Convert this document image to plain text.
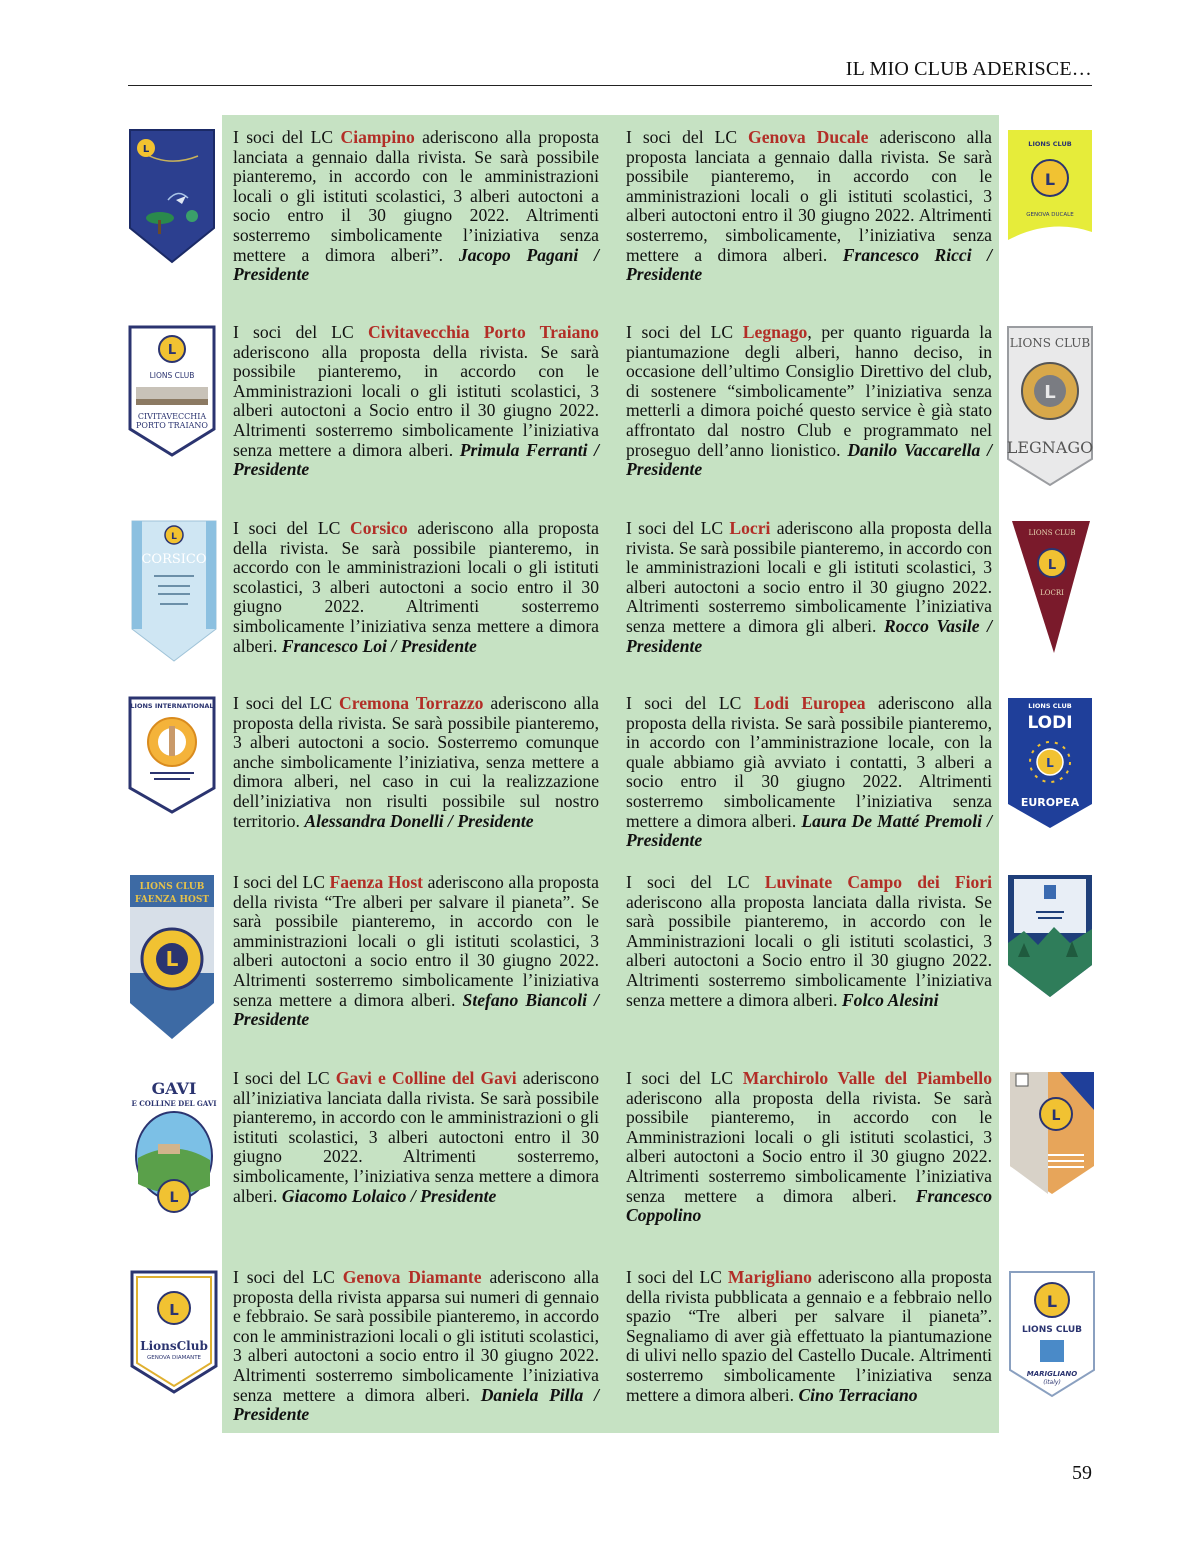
IL MIO CLUB ADERISCE…
I soci del LC Ciampino aderiscono alla proposta lanciata a gennaio dalla rivista. Se sarà possibile pianteremo, in accordo con le amministrazioni locali o gli istituti scolastici, 3 alberi autoctoni a socio entro il 30 giugno 2022. Altrimenti sosterremo simbolicamente l’iniziativa senza mettere a dimora alberi”. Jacopo Pagani / Presidente
I soci del LC Genova Ducale aderiscono alla proposta lanciata a gennaio dalla rivista. Se sarà possibile pianteremo, in accordo con le amministrazioni locali o gli istituti scolastici, 3 alberi autoctoni entro il 30 giugno 2022. Altrimenti sosterremo, simbolicamente, l’iniziativa senza mettere a dimora alberi. Francesco Ricci / Presidente
I soci del LC Civitavecchia Porto Traiano aderiscono alla proposta della rivista. Se sarà possibile pianteremo, in accordo con le Amministrazioni locali o gli istituti scolastici, 3 alberi autoctoni a Socio entro il 30 giugno 2022. Altrimenti sosterremo simbolicamente l’iniziativa senza mettere a dimora alberi. Primula Ferranti / Presidente
I soci del LC Legnago, per quanto riguarda la piantumazione degli alberi, hanno deciso, in occasione dell’ultimo Consiglio Direttivo del club, di sostenere “simbolicamente” l’iniziativa senza metterli a dimora poiché questo service è già stato affrontato dal nostro Club e programmato nel proseguo dell’anno lionistico. Danilo Vaccarella / Presidente
I soci del LC Corsico aderiscono alla proposta della rivista. Se sarà possibile pianteremo, in accordo con le amministrazioni locali o gli istituti scolastici, 3 alberi autoctoni a socio entro il 30 giugno 2022. Altrimenti sosterremo simbolicamente l’iniziativa senza mettere a dimora alberi. Francesco Loi / Presidente
I soci del LC Locri aderiscono alla proposta della rivista. Se sarà possibile pianteremo, in accordo con le amministrazioni locali e gli istituti scolastici, 3 alberi autoctoni a socio entro il 30 giugno 2022. Altrimenti sosterremo simbolicamente l’iniziativa senza mettere a dimora gli alberi. Rocco Vasile / Presidente
I soci del LC Cremona Torrazzo aderiscono alla proposta della rivista. Se sarà possibile pianteremo, 3 alberi autoctoni a socio. Sosterremo comunque anche simbolicamente l’iniziativa, senza mettere a dimora alberi, nel caso in cui la realizzazione dell’iniziativa non risulti possibile sul nostro territorio. Alessandra Donelli / Presidente
I soci del LC Lodi Europea aderiscono alla proposta della rivista. Se sarà possibile pianteremo, in accordo con l’amministrazione locale, con la quale abbiamo già avviato i contatti, 3 alberi a socio entro il 30 giugno 2022. Altrimenti sosterremo simbolicamente l’iniziativa senza mettere a dimora alberi. Laura De Matté Premoli / Presidente
I soci del LC Faenza Host aderiscono alla proposta della rivista “Tre alberi per salvare il pianeta”. Se sarà possibile pianteremo, in accordo con le amministrazioni locali o gli istituti scolastici, 3 alberi autoctoni a socio entro il 30 giugno 2022. Altrimenti sosterremo simbolicamente l’iniziativa senza mettere a dimora alberi. Stefano Biancoli / Presidente
I soci del LC Luvinate Campo dei Fiori aderiscono alla proposta lanciata dalla rivista. Se sarà possibile pianteremo, in accordo con le Amministrazioni locali o gli istituti scolastici, 3 alberi autoctoni a Socio entro il 30 giugno 2022. Altrimenti sosterremo simbolicamente l’iniziativa senza mettere a dimora alberi. Folco Alesini
I soci del LC Gavi e Colline del Gavi aderiscono all’iniziativa lanciata dalla rivista. Se sarà possibile pianteremo, in accordo con le amministrazioni o gli istituti scolastici, 3 alberi autoctoni entro il 30 giugno 2022. Altrimenti sosterremo, simbolicamente, l’iniziativa senza mettere a dimora alberi. Giacomo Lolaico / Presidente
I soci del LC Marchirolo Valle del Piambello aderiscono alla proposta della rivista. Se sarà possibile pianteremo, in accordo con le Amministrazioni locali o gli istituti scolastici, 3 alberi autoctoni a Socio entro il 30 giugno 2022. Altrimenti sosterremo simbolicamente l’iniziativa senza mettere a dimora alberi. Francesco Coppolino
I soci del LC Genova Diamante aderiscono alla proposta della rivista apparsa sui numeri di gennaio e febbraio. Se sarà possibile pianteremo, in accordo con le amministrazioni locali o gli istituti scolastici, 3 alberi autoctoni a socio entro il 30 giugno 2022. Altrimenti sosterremo simbolicamente l’iniziativa senza mettere a dimora alberi. Daniela Pilla / Presidente
I soci del LC Marigliano aderiscono alla proposta della rivista pubblicata a gennaio e a febbraio nello spazio “Tre alberi per salvare il pianeta”. Segnaliamo di aver già effettuato la piantumazione di ulivi nello spazio del Castello Ducale. Altrimenti sosterremo simbolicamente l’iniziativa senza mettere a dimora alberi. Cino Terraciano
L
L
LIONS CLUB
CIVITAVECCHIA
PORTO TRAIANO
L
CORSICO
LIONS INTERNATIONAL
LIONS CLUB
FAENZA HOST
L
GAVI
E COLLINE DEL GAVI
L
L
LionsClub
GENOVA DIAMANTE
LIONS CLUB
L
GENOVA DUCALE
LIONS CLUB
L
LEGNAGO
LIONS CLUB
L
LOCRI
LIONS CLUB
LODI
L
EUROPEA
L
L
LIONS CLUB
MARIGLIANO
(italy)
59
